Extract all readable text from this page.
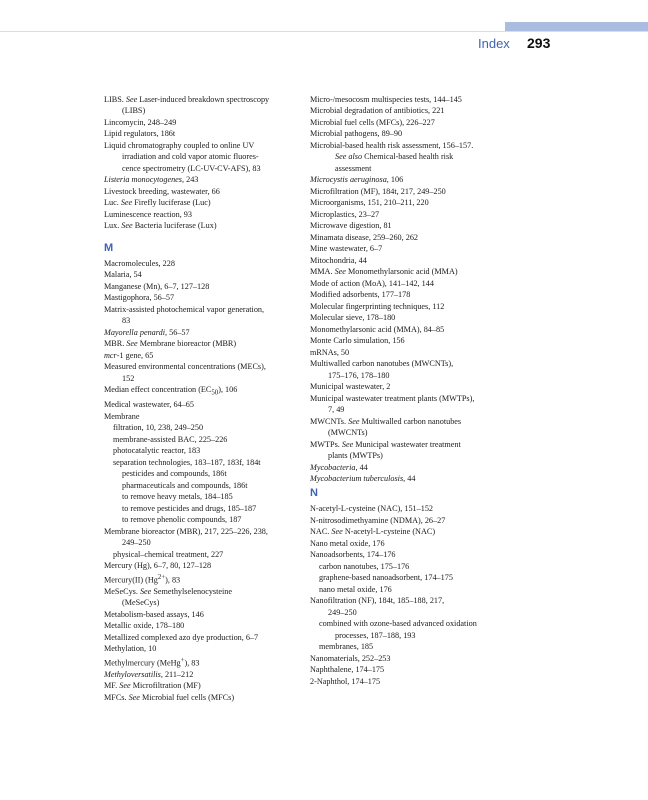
Index 293
LIBS. See Laser-induced breakdown spectroscopy
(LIBS)
Lincomycin, 248–249
Lipid regulators, 186t
Liquid chromatography coupled to online UV
irradiation and cold vapor atomic fluores-
cence spectrometry (LC-UV-CV-AFS), 83
Listeria monocytogenes, 243
Livestock breeding, wastewater, 66
Luc. See Firefly luciferase (Luc)
Luminescence reaction, 93
Lux. See Bacteria luciferase (Lux)
M
Macromolecules, 228
Malaria, 54
Manganese (Mn), 6–7, 127–128
Mastigophora, 56–57
Matrix-assisted photochemical vapor generation,
83
Mayorella penardi, 56–57
MBR. See Membrane bioreactor (MBR)
mcr-1 gene, 65
Measured environmental concentrations (MECs),
152
Median effect concentration $(EC_{50})$, 106
Medical wastewater, 64–65
Membrane
filtration, 10, 238, 249–250
membrane-assisted BAC, 225–226
photocatalytic reactor, 183
separation technologies, 183–187, 183f, 184t
pesticides and compounds, 186t
pharmaceuticals and compounds, 186t
to remove heavy metals, 184–185
to remove pesticides and drugs, 185–187
to remove phenolic compounds, 187
Membrane bioreactor (MBR), 217, 225–226, 238,
249–250
physical–chemical treatment, 227
Mercury (Hg), 6–7, 80, 127–128
Mercury(II) $(Hg^{2+})$, 83
MeSeCys. See Semethylselenocysteine
(MeSeCys)
Metabolism-based assays, 146
Metallic oxide, 178–180
Metallized complexed azo dye production, 6–7
Methylation, 10
Methylmercury (MeHg+), 83
Methyloversatilis, 211–212
MF. See Microfiltration (MF)
MFCs. See Microbial fuel cells (MFCs)
Micro-/mesocosm multispecies tests, 144–145
Microbial degradation of antibiotics, 221
Microbial fuel cells (MFCs), 226–227
Microbial pathogens, 89–90
Microbial-based health risk assessment, 156–157.
See also Chemical-based health risk
assessment
Microcystis aeruginosa, 106
Microfiltration (MF), 184t, 217, 249–250
Microorganisms, 151, 210–211, 220
Microplastics, 23–27
Microwave digestion, 81
Minamata disease, 259–260, 262
Mine wastewater, 6–7
Mitochondria, 44
MMA. See Monomethylarsonic acid (MMA)
Mode of action (MoA), 141–142, 144
Modified adsorbents, 177–178
Molecular fingerprinting techniques, 112
Molecular sieve, 178–180
Monomethylarsonic acid (MMA), 84–85
Monte Carlo simulation, 156
mRNAs, 50
Multiwalled carbon nanotubes (MWCNTs),
175–176, 178–180
Municipal wastewater, 2
Municipal wastewater treatment plants (MWTPs),
7, 49
MWCNTs. See Multiwalled carbon nanotubes
(MWCNTs)
MWTPs. See Municipal wastewater treatment
plants (MWTPs)
Mycobacteria, 44
Mycobacterium tuberculosis, 44
N
N-acetyl-L-cysteine (NAC), 151–152
N-nitrosodimethyamine (NDMA), 26–27
NAC. See N-acetyl-L-cysteine (NAC)
Nano metal oxide, 176
Nanoadsorbents, 174–176
carbon nanotubes, 175–176
graphene-based nanoadsorbent, 174–175
nano metal oxide, 176
Nanofiltration (NF), 184t, 185–188, 217,
249–250
combined with ozone-based advanced oxidation
processes, 187–188, 193
membranes, 185
Nanomaterials, 252–253
Naphthalene, 174–175
2-Naphthol, 174–175
